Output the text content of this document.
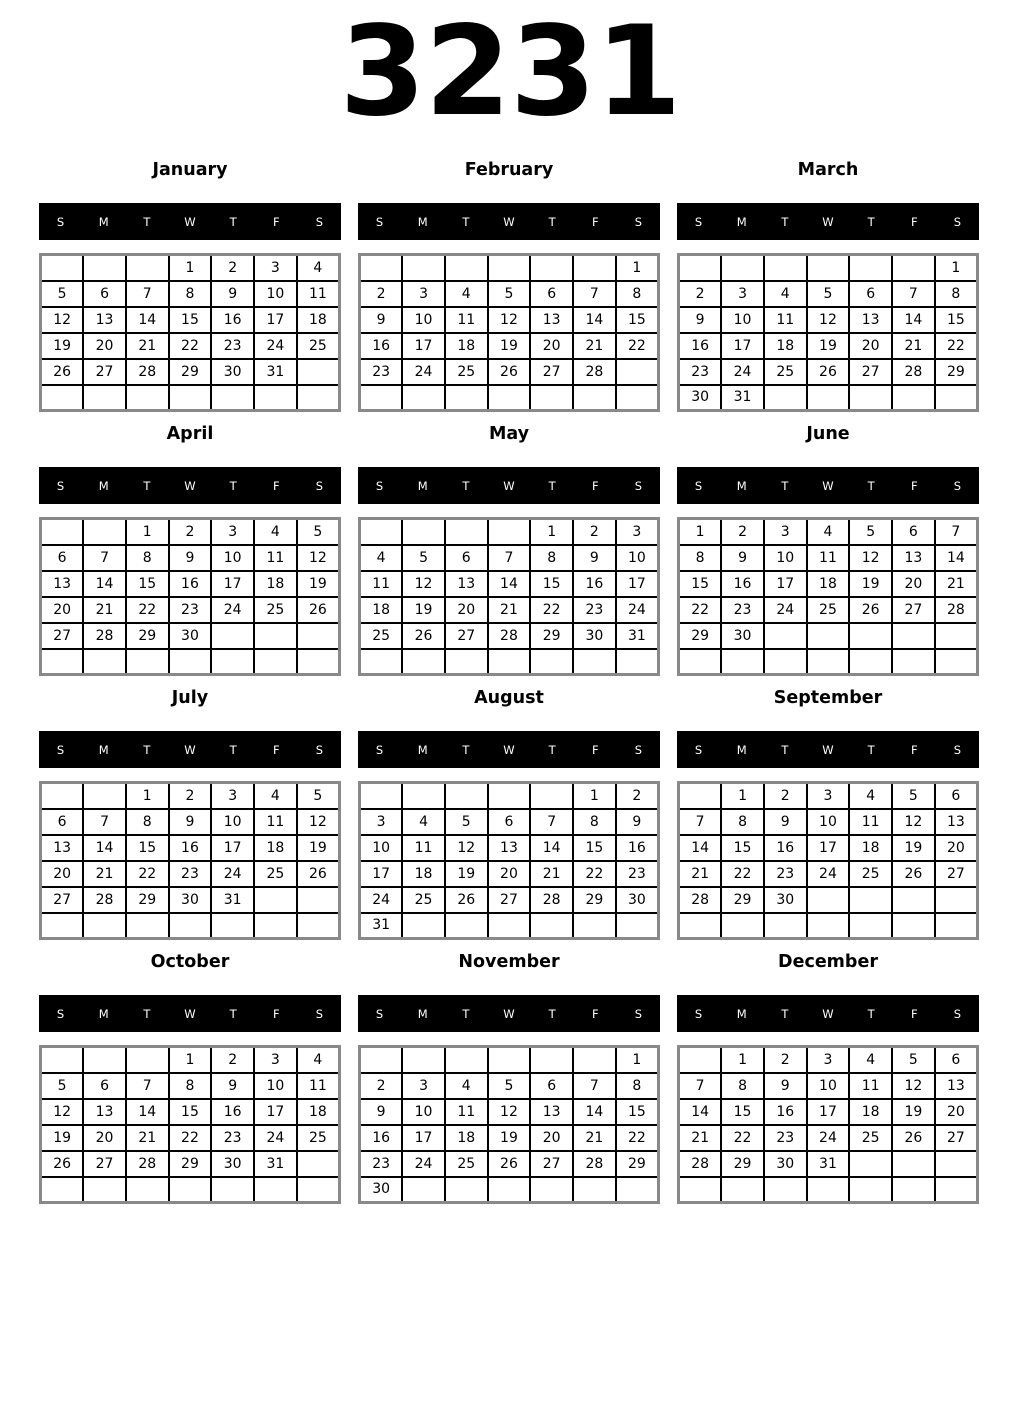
3231
January
S	M	T	W	T	F	S
			1	2	3	4
5	6	7	8	9	10	11
12	13	14	15	16	17	18
19	20	21	22	23	24	25
26	27	28	29	30	31	

February
S	M	T	W	T	F	S
						1
2	3	4	5	6	7	8
9	10	11	12	13	14	15
16	17	18	19	20	21	22
23	24	25	26	27	28	

March
S	M	T	W	T	F	S
						1
2	3	4	5	6	7	8
9	10	11	12	13	14	15
16	17	18	19	20	21	22
23	24	25	26	27	28	29
30	31					
April
S	M	T	W	T	F	S
		1	2	3	4	5
6	7	8	9	10	11	12
13	14	15	16	17	18	19
20	21	22	23	24	25	26
27	28	29	30			

May
S	M	T	W	T	F	S
				1	2	3
4	5	6	7	8	9	10
11	12	13	14	15	16	17
18	19	20	21	22	23	24
25	26	27	28	29	30	31

June
S	M	T	W	T	F	S
1	2	3	4	5	6	7
8	9	10	11	12	13	14
15	16	17	18	19	20	21
22	23	24	25	26	27	28
29	30					

July
S	M	T	W	T	F	S
		1	2	3	4	5
6	7	8	9	10	11	12
13	14	15	16	17	18	19
20	21	22	23	24	25	26
27	28	29	30	31		

August
S	M	T	W	T	F	S
					1	2
3	4	5	6	7	8	9
10	11	12	13	14	15	16
17	18	19	20	21	22	23
24	25	26	27	28	29	30
31						
September
S	M	T	W	T	F	S
	1	2	3	4	5	6
7	8	9	10	11	12	13
14	15	16	17	18	19	20
21	22	23	24	25	26	27
28	29	30				

October
S	M	T	W	T	F	S
			1	2	3	4
5	6	7	8	9	10	11
12	13	14	15	16	17	18
19	20	21	22	23	24	25
26	27	28	29	30	31	

November
S	M	T	W	T	F	S
						1
2	3	4	5	6	7	8
9	10	11	12	13	14	15
16	17	18	19	20	21	22
23	24	25	26	27	28	29
30						
December
S	M	T	W	T	F	S
	1	2	3	4	5	6
7	8	9	10	11	12	13
14	15	16	17	18	19	20
21	22	23	24	25	26	27
28	29	30	31			
